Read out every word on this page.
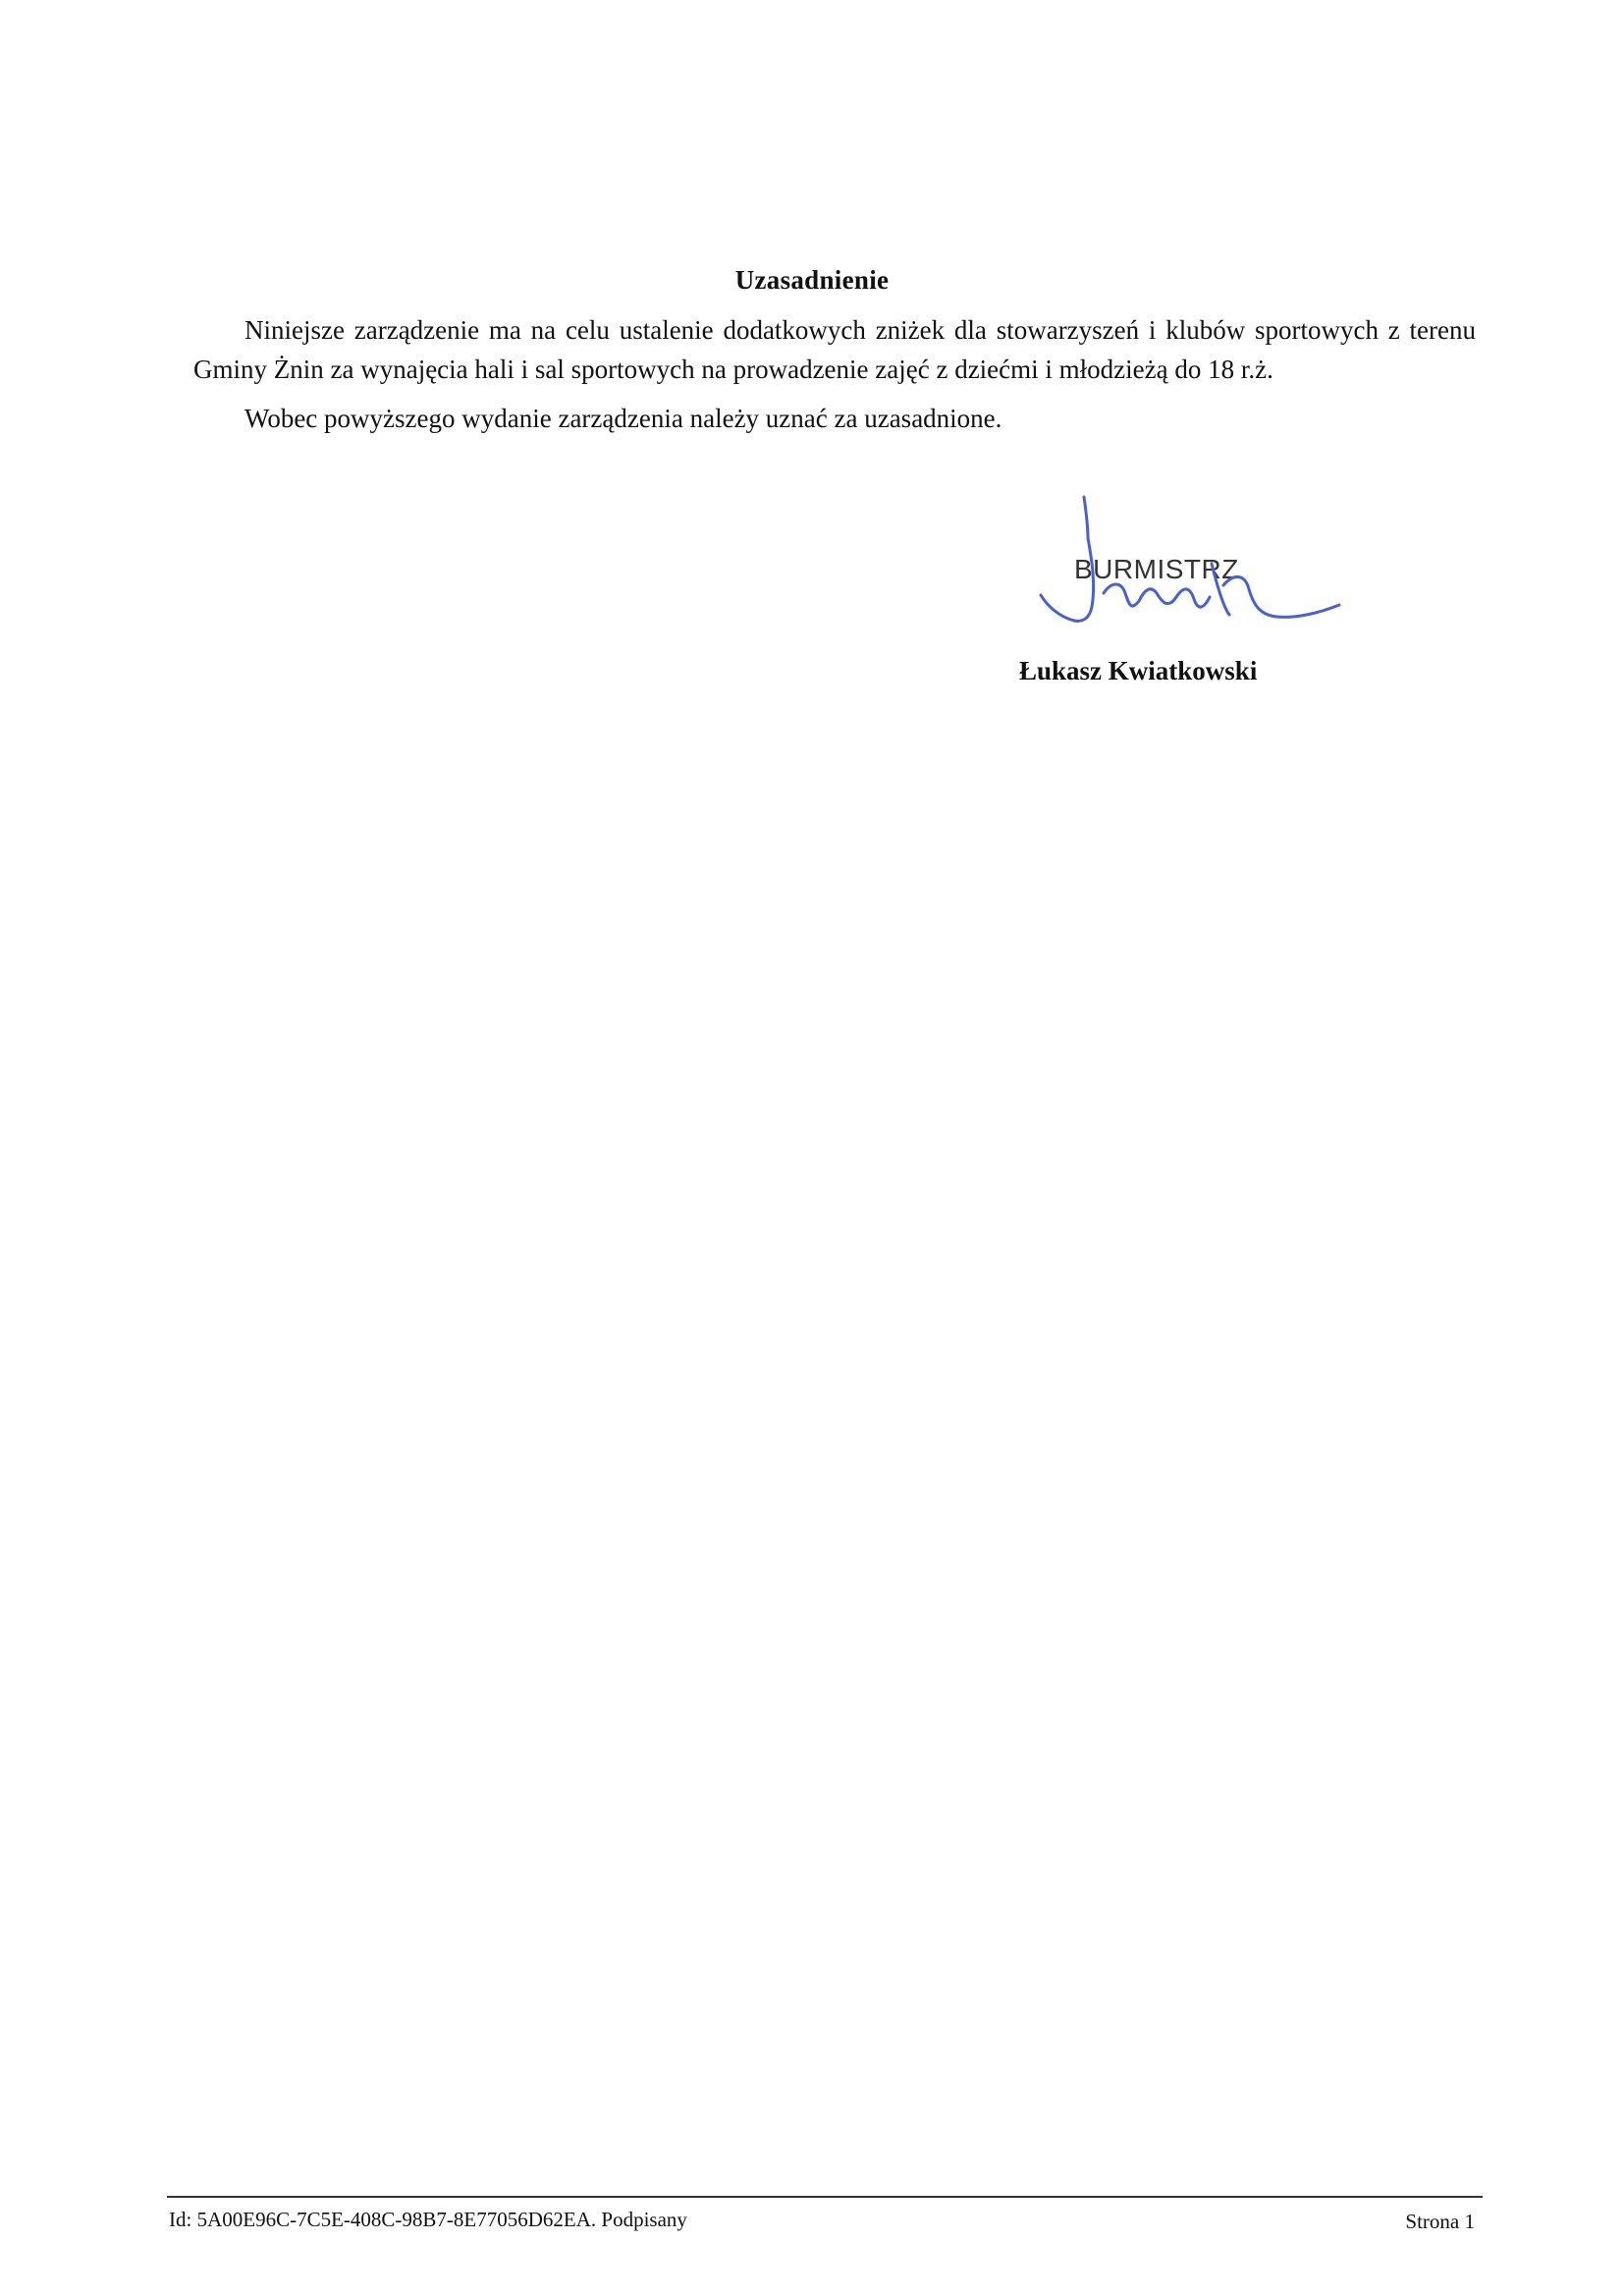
Uzasadnienie

Niniejsze zarządzenie ma na celu ustalenie dodatkowych zniżek dla stowarzyszeń i klubów sportowych z terenu Gminy Żnin za wynajęcia hali i sal sportowych na prowadzenie zajęć z dziećmi i młodzieżą do 18 r.ż.

Wobec powyższego wydanie zarządzenia należy uznać za uzasadnione.

BURMISTRZ
Łukasz Kwiatkowski
Id: 5A00E96C-7C5E-408C-98B7-8E77056D62EA. Podpisany	Strona 1
